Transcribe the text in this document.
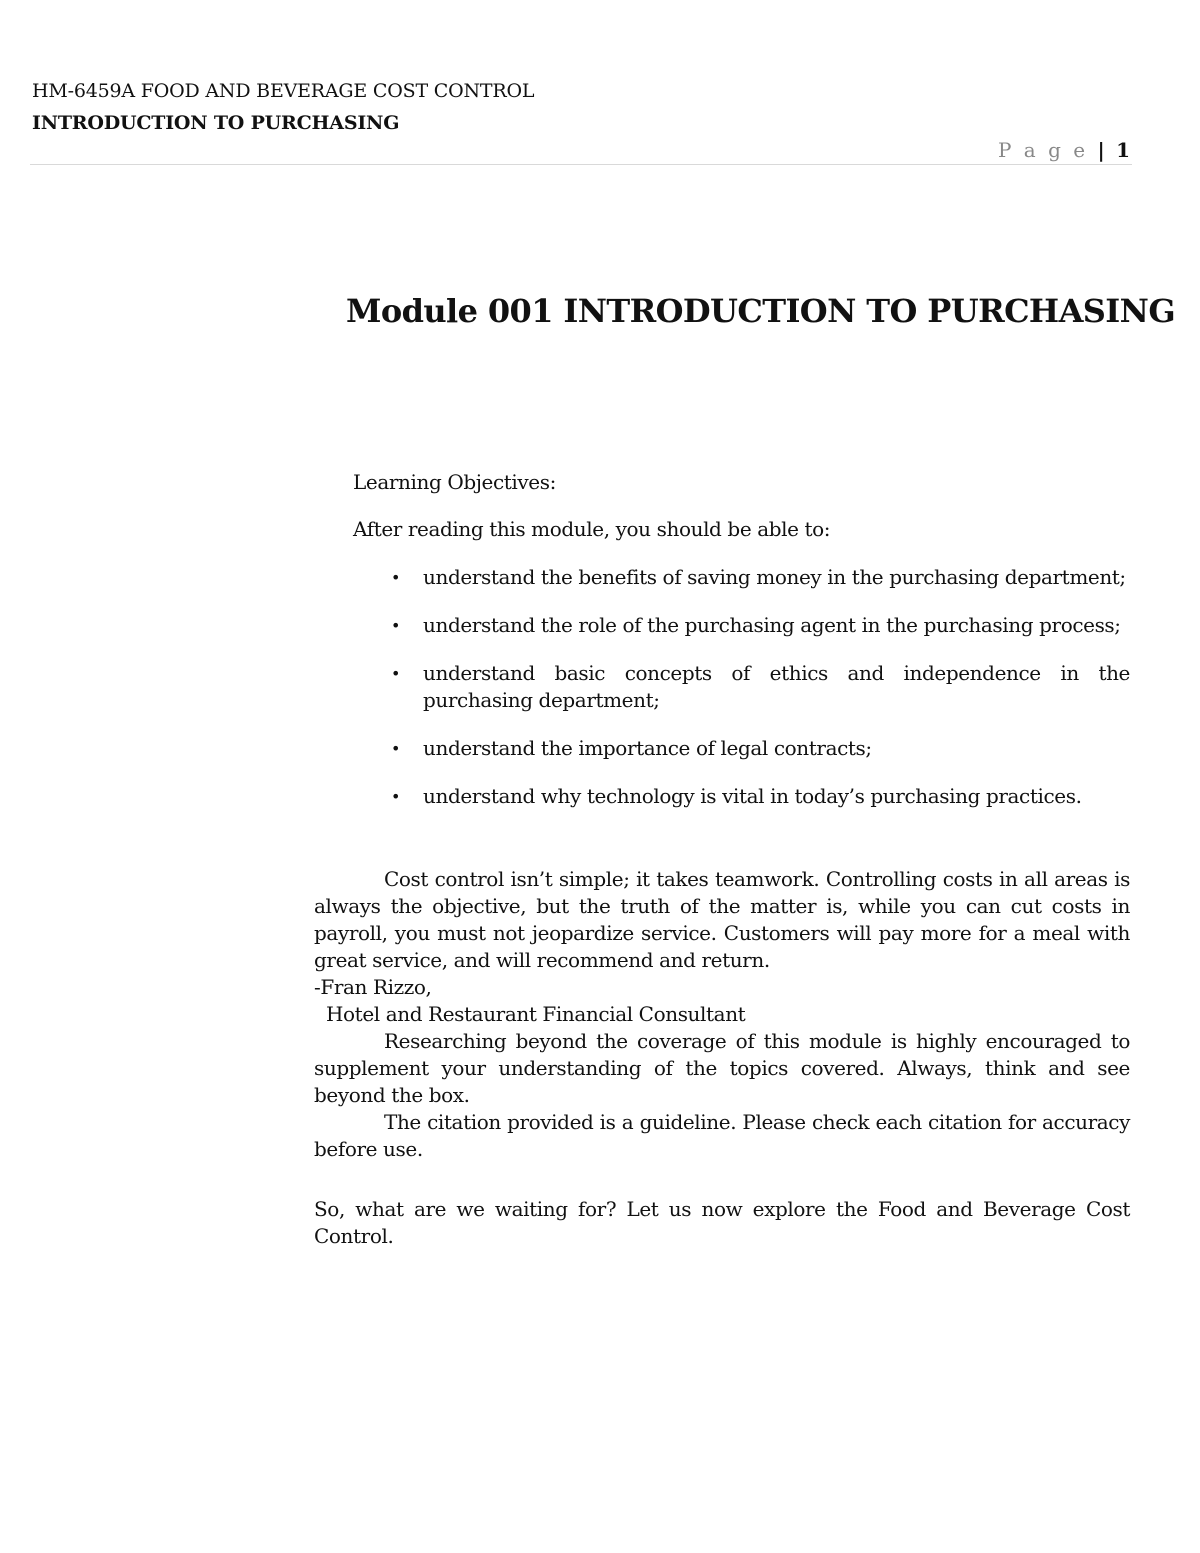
HM-6459A FOOD AND BEVERAGE COST CONTROL
INTRODUCTION TO PURCHASING
P a g e | 1
Module 001 INTRODUCTION TO PURCHASING
Learning Objectives:
After reading this module, you should be able to:
• understand the benefits of saving money in the purchasing department;
• understand the role of the purchasing agent in the purchasing process;
• understand basic concepts of ethics and independence in the purchasing department;
• understand the importance of legal contracts;
• understand why technology is vital in today’s purchasing practices.

Cost control isn’t simple; it takes teamwork. Controlling costs in all areas is always the objective, but the truth of the matter is, while you can cut costs in payroll, you must not jeopardize service. Customers will pay more for a meal with great service, and will recommend and return.

-Fran Rizzo,

Hotel and Restaurant Financial Consultant

Researching beyond the coverage of this module is highly encouraged to supplement your understanding of the topics covered. Always, think and see beyond the box.

The citation provided is a guideline. Please check each citation for accuracy before use.

So, what are we waiting for? Let us now explore the Food and Beverage Cost Control.
